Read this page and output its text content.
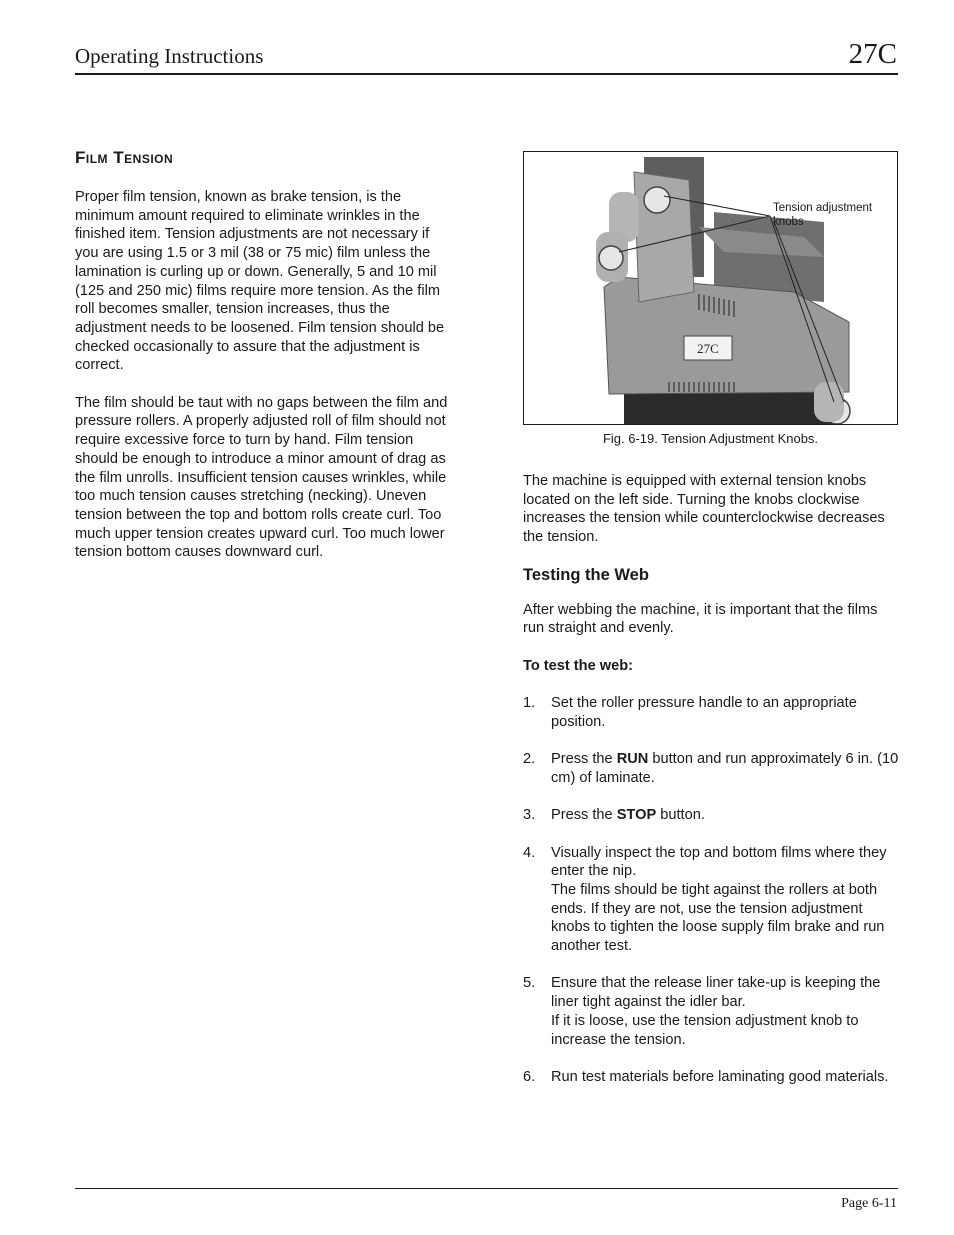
Operating Instructions	27C
Film Tension

Proper film tension, known as brake tension, is the minimum amount required to eliminate wrinkles in the finished item. Tension adjustments are not necessary if you are using 1.5 or 3 mil (38 or 75 mic) film unless the lamination is curling up or down. Generally, 5 and 10 mil (125 and 250 mic) films require more tension. As the film roll becomes smaller, tension increases, thus the adjustment needs to be loosened. Film tension should be checked occasionally to assure that the adjustment is correct.

The film should be taut with no gaps between the film and pressure rollers. A properly adjusted roll of film should not require excessive force to turn by hand. Film tension should be enough to introduce a minor amount of drag as the film unrolls. Insufficient tension causes wrinkles, while too much tension causes stretching (necking). Uneven tension between the top and bottom rolls create curl. Too much upper tension creates upward curl. Too much lower tension bottom causes downward curl.

27C
Tension adjustment
knobs
Fig. 6-19. Tension Adjustment Knobs.

The machine is equipped with external tension knobs located on the left side. Turning the knobs clockwise increases the tension while counterclockwise decreases the tension.

Testing the Web

After webbing the machine, it is important that the films run straight and evenly.

To test the web:

1.	Set the roller pressure handle to an appropriate position.
2.	Press the RUN button and run approximately 6 in. (10 cm) of laminate.
3.	Press the STOP button.
4.	Visually inspect the top and bottom films where they enter the nip.
The films should be tight against the rollers at both ends. If they are not, use the tension adjustment knobs to tighten the loose supply film brake and run another test.
5.	Ensure that the release liner take-up is keeping the liner tight against the idler bar.
If it is loose, use the tension adjustment knob to increase the tension.
6.	Run test materials before laminating good materials.
Page 6-11
